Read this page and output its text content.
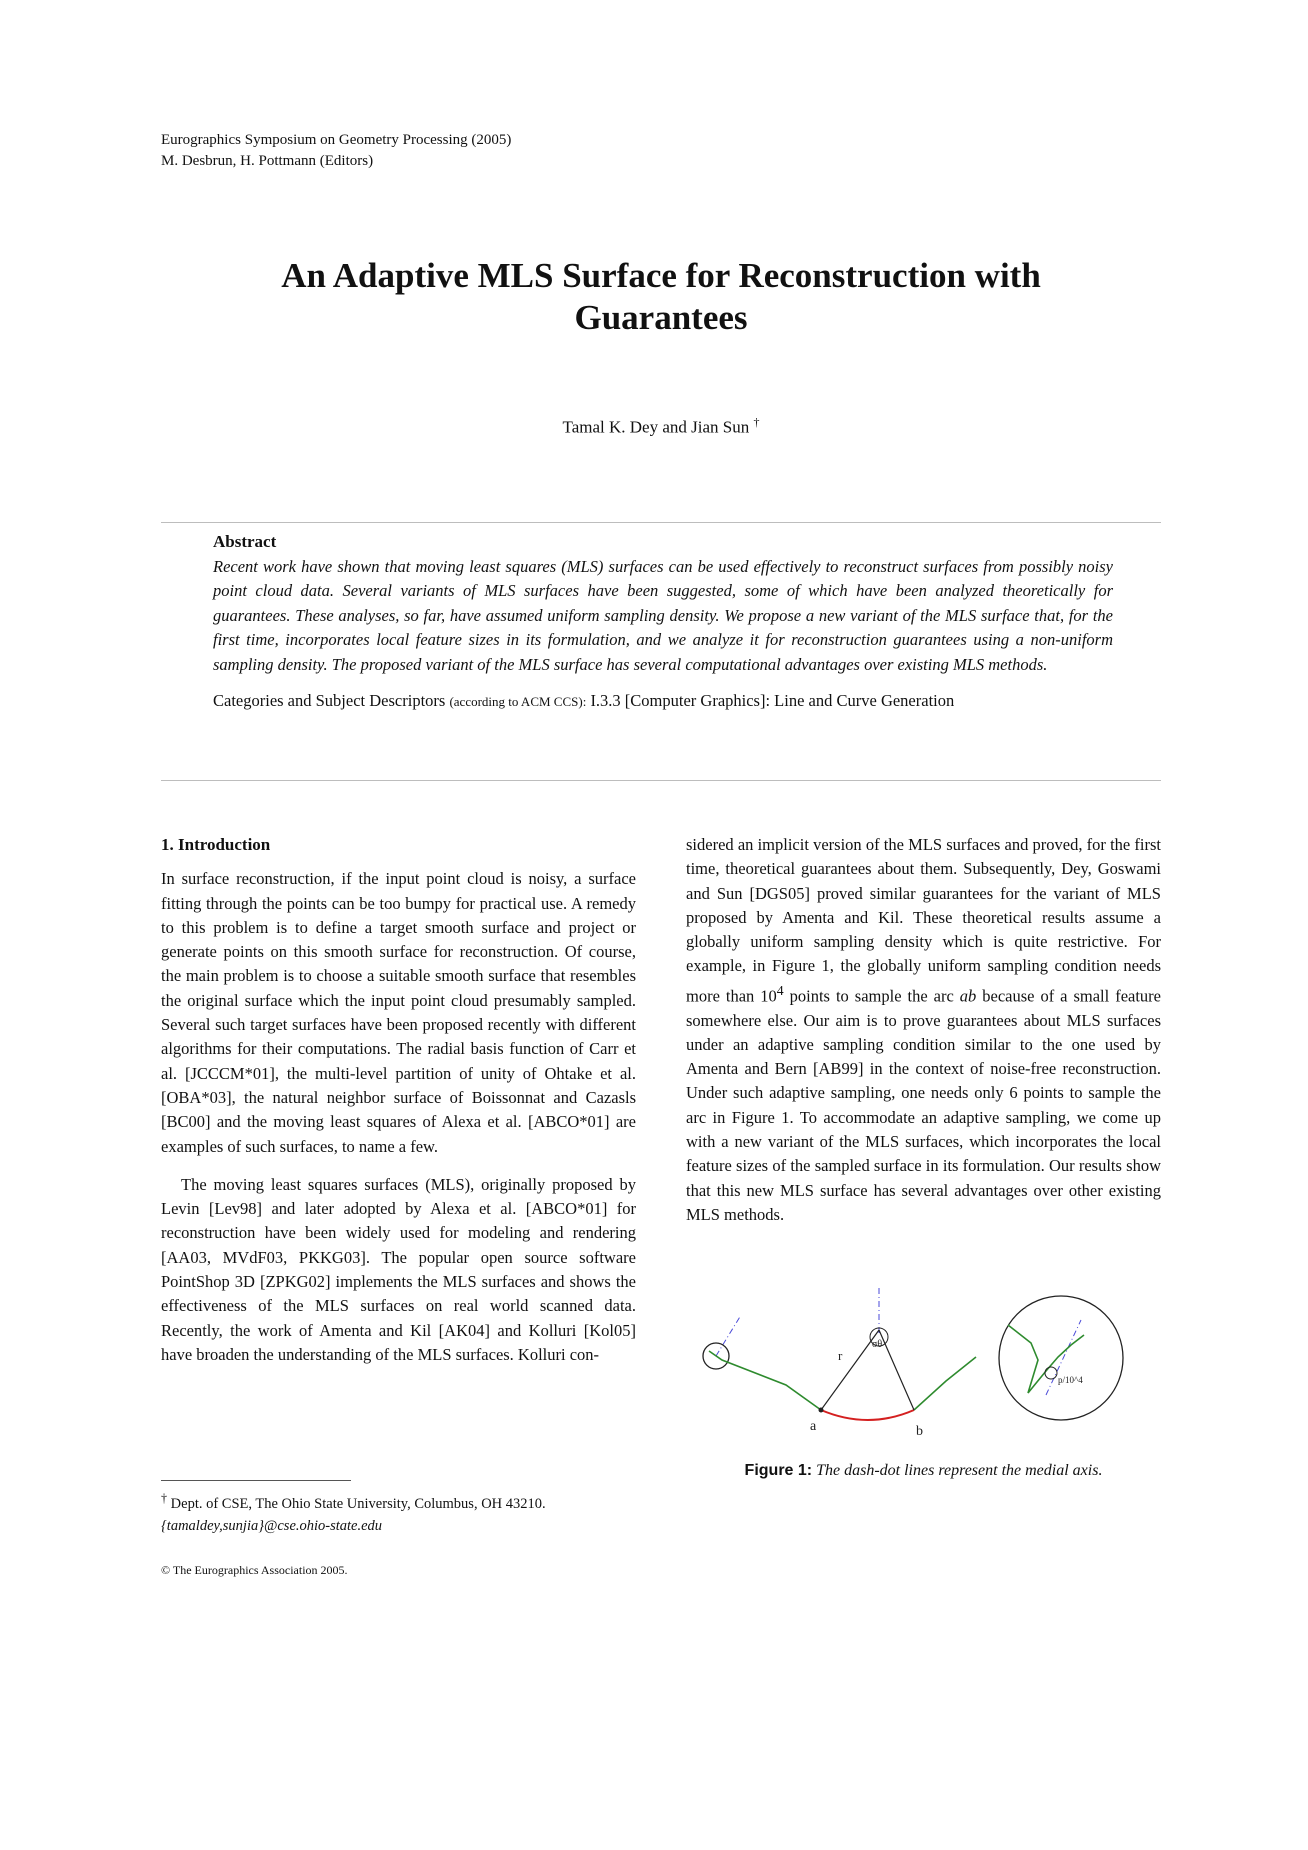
Eurographics Symposium on Geometry Processing (2005)
M. Desbrun, H. Pottmann (Editors)
An Adaptive MLS Surface for Reconstruction with
Guarantees
Tamal K. Dey and Jian Sun †
Abstract

Recent work have shown that moving least squares (MLS) surfaces can be used effectively to reconstruct surfaces from possibly noisy point cloud data. Several variants of MLS surfaces have been suggested, some of which have been analyzed theoretically for guarantees. These analyses, so far, have assumed uniform sampling density. We propose a new variant of the MLS surface that, for the first time, incorporates local feature sizes in its formulation, and we analyze it for reconstruction guarantees using a non-uniform sampling density. The proposed variant of the MLS surface has several computational advantages over existing MLS methods.

Categories and Subject Descriptors (according to ACM CCS): I.3.3 [Computer Graphics]: Line and Curve Generation

1. Introduction

In surface reconstruction, if the input point cloud is noisy, a surface fitting through the points can be too bumpy for practical use. A remedy to this problem is to define a target smooth surface and project or generate points on this smooth surface for reconstruction. Of course, the main problem is to choose a suitable smooth surface that resembles the original surface which the input point cloud presumably sampled. Several such target surfaces have been proposed recently with different algorithms for their computations. The radial basis function of Carr et al. [JCCCM*01], the multi-level partition of unity of Ohtake et al. [OBA*03], the natural neighbor surface of Boissonnat and Cazasls [BC00] and the moving least squares of Alexa et al. [ABCO*01] are examples of such surfaces, to name a few.

The moving least squares surfaces (MLS), originally proposed by Levin [Lev98] and later adopted by Alexa et al. [ABCO*01] for reconstruction have been widely used for modeling and rendering [AA03, MVdF03, PKKG03]. The popular open source software PointShop 3D [ZPKG02] implements the MLS surfaces and shows the effectiveness of the MLS surfaces on real world scanned data. Recently, the work of Amenta and Kil [AK04] and Kolluri [Kol05] have broaden the understanding of the MLS surfaces. Kolluri con-

sidered an implicit version of the MLS surfaces and proved, for the first time, theoretical guarantees about them. Subsequently, Dey, Goswami and Sun [DGS05] proved similar guarantees for the variant of MLS proposed by Amenta and Kil. These theoretical results assume a globally uniform sampling density which is quite restrictive. For example, in Figure 1, the globally uniform sampling condition needs more than $10^4$ points to sample the arc ab because of a small feature somewhere else. Our aim is to prove guarantees about MLS surfaces under an adaptive sampling condition similar to the one used by Amenta and Bern [AB99] in the context of noise-free reconstruction. Under such adaptive sampling, one needs only 6 points to sample the arc in Figure 1. To accommodate an adaptive sampling, we come up with a new variant of the MLS surfaces, which incorporates the local feature sizes of the sampled surface in its formulation. Our results show that this new MLS surface has several advantages over other existing MLS methods.

a	b
r
σθ
p/10^4
Figure 1: The dash-dot lines represent the medial axis.
† Dept. of CSE, The Ohio State University, Columbus, OH 43210.
{tamaldey,sunjia}@cse.ohio-state.edu
© The Eurographics Association 2005.
